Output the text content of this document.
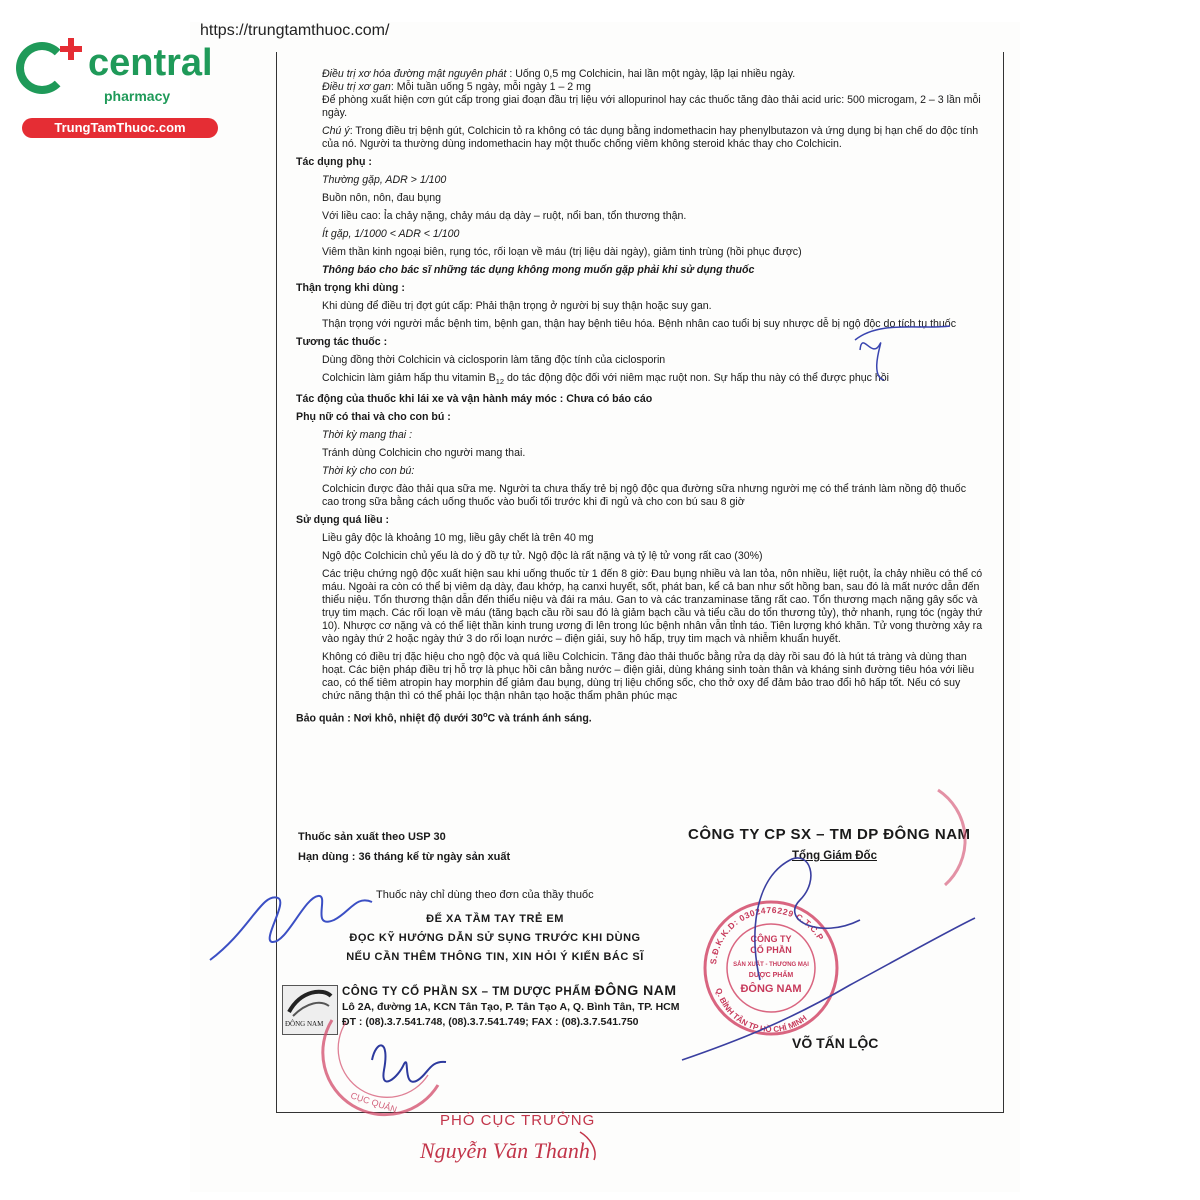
https://trungtamthuoc.com/
central
pharmacy
TrungTamThuoc.com

Điều trị xơ hóa đường mật nguyên phát : Uống 0,5 mg Colchicin, hai lần một ngày, lặp lại nhiều ngày.

Điều trị xơ gan: Mỗi tuần uống 5 ngày, mỗi ngày 1 – 2 mg

Để phòng xuất hiện cơn gút cấp trong giai đoạn đầu trị liệu với allopurinol hay các thuốc tăng đào thải acid uric: 500 microgam, 2 – 3 lần mỗi ngày.

Chú ý: Trong điều trị bệnh gút, Colchicin tỏ ra không có tác dụng bằng indomethacin hay phenylbutazon và ứng dụng bị hạn chế do độc tính của nó. Người ta thường dùng indomethacin hay một thuốc chống viêm không steroid khác thay cho Colchicin.

Tác dụng phụ :

Thường gặp, ADR > 1/100

Buồn nôn, nôn, đau bụng

Với liều cao: Ỉa chảy nặng, chảy máu dạ dày – ruột, nổi ban, tổn thương thận.

Ít gặp, 1/1000 < ADR < 1/100

Viêm thần kinh ngoại biên, rụng tóc, rối loạn về máu (trị liệu dài ngày), giảm tinh trùng (hồi phục được)

Thông báo cho bác sĩ những tác dụng không mong muốn gặp phải khi sử dụng thuốc

Thận trọng khi dùng :

Khi dùng để điều trị đợt gút cấp: Phải thận trọng ở người bị suy thận hoặc suy gan.

Thận trọng với người mắc bệnh tim, bệnh gan, thận hay bệnh tiêu hóa. Bệnh nhân cao tuổi bị suy nhược dễ bị ngộ độc do tích tụ thuốc

Tương tác thuốc :

Dùng đồng thời Colchicin và ciclosporin làm tăng độc tính của ciclosporin

Colchicin làm giảm hấp thu vitamin $B_{12}$ do tác động độc đối với niêm mạc ruột non. Sự hấp thu này có thể được phục hồi

Tác động của thuốc khi lái xe và vận hành máy móc : Chưa có báo cáo

Phụ nữ có thai và cho con bú :

Thời kỳ mang thai :

Tránh dùng Colchicin cho người mang thai.

Thời kỳ cho con bú:

Colchicin được đào thải qua sữa mẹ. Người ta chưa thấy trẻ bị ngộ độc qua đường sữa nhưng người mẹ có thể tránh làm nồng độ thuốc cao trong sữa bằng cách uống thuốc vào buổi tối trước khi đi ngủ và cho con bú sau 8 giờ

Sử dụng quá liều :

Liều gây độc là khoảng 10 mg, liều gây chết là trên 40 mg

Ngộ độc Colchicin chủ yếu là do ý đồ tự tử. Ngộ độc là rất nặng và tỷ lệ tử vong rất cao (30%)

Các triệu chứng ngộ độc xuất hiện sau khi uống thuốc từ 1 đến 8 giờ: Đau bụng nhiều và lan tỏa, nôn nhiều, liệt ruột, ỉa chảy nhiều có thể có máu. Ngoài ra còn có thể bị viêm dạ dày, đau khớp, hạ canxi huyết, sốt, phát ban, kể cả ban như sốt hồng ban, sau đó là mất nước dẫn đến thiểu niệu. Tổn thương thận dẫn đến thiểu niệu và đái ra máu. Gan to và các tranzaminase tăng rất cao. Tổn thương mạch nặng gây sốc và trụy tim mạch. Các rối loạn về máu (tăng bạch cầu rồi sau đó là giảm bạch cầu và tiểu cầu do tổn thương tủy), thở nhanh, rụng tóc (ngày thứ 10). Nhược cơ nặng và có thể liệt thần kinh trung ương đi lên trong lúc bệnh nhân vẫn tỉnh táo. Tiên lượng khó khăn. Tử vong thường xảy ra vào ngày thứ 2 hoặc ngày thứ 3 do rối loạn nước – điện giải, suy hô hấp, trụy tim mạch và nhiễm khuẩn huyết.

Không có điều trị đặc hiệu cho ngộ độc và quá liều Colchicin. Tăng đào thải thuốc bằng rửa dạ dày rồi sau đó là hút tá tràng và dùng than hoạt. Các biện pháp điều trị hỗ trợ là phục hồi cân bằng nước – điện giải, dùng kháng sinh toàn thân và kháng sinh đường tiêu hóa với liều cao, có thể tiêm atropin hay morphin để giảm đau bụng, dùng trị liệu chống sốc, cho thở oxy để đảm bảo trao đổi hô hấp tốt. Nếu có suy chức năng thận thì có thể phải lọc thận nhân tạo hoặc thẩm phân phúc mạc

Bảo quản : Nơi khô, nhiệt độ dưới 30$^o$C và tránh ánh sáng.

Thuốc sản xuất theo USP 30
Hạn dùng : 36 tháng kể từ ngày sản xuất
Thuốc này chỉ dùng theo đơn của thầy thuốc
ĐỂ XA TẦM TAY TRẺ EM
ĐỌC KỸ HƯỚNG DẪN SỬ SỤNG TRƯỚC KHI DÙNG
NẾU CẦN THÊM THÔNG TIN, XIN HỎI Ý KIẾN BÁC SĨ
CÔNG TY CP SX – TM DP ĐÔNG NAM
Tổng Giám Đốc
VÕ TẤN LỘC
ĐÔNG NAM
CÔNG TY CỔ PHẦN SX – TM DƯỢC PHẨM ĐÔNG NAM
Lô 2A, đường 1A, KCN Tân Tạo, P. Tân Tạo A, Q. Bình Tân, TP. HCM
ĐT : (08).3.7.541.748, (08).3.7.541.749; FAX : (08).3.7.541.750
PHÓ CỤC TRƯỞNG
Nguyễn Văn Thanh
S.Đ.K.K.D: 0302476229 C.T.C.P
Q. BÌNH TÂN TP HỒ CHÍ MINH
CÔNG TY
CỔ PHẦN
SẢN XUẤT - THƯƠNG MẠI
DƯỢC PHẨM
ĐÔNG NAM
CỤC QUẢN
